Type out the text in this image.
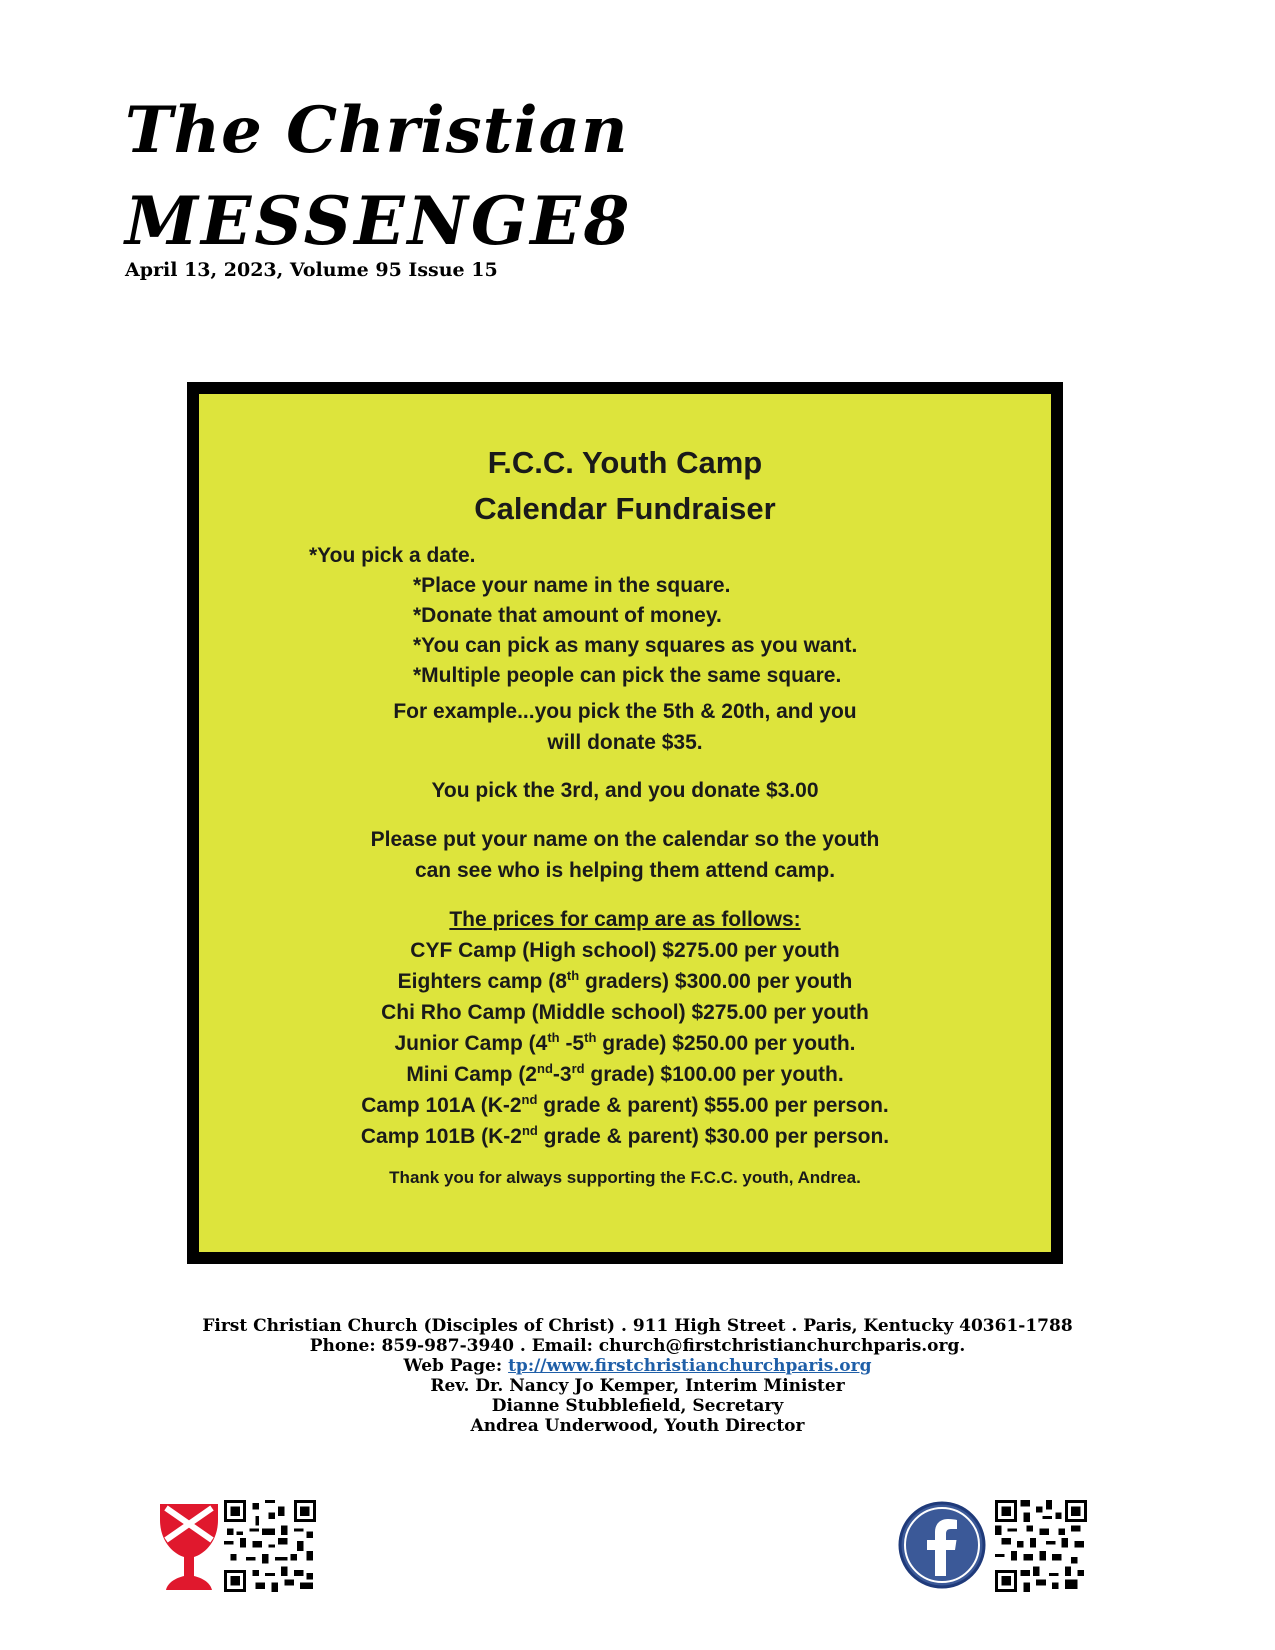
The Christian

MESSENGE8

April 13, 2023, Volume 95 Issue 15

F.C.C. Youth Camp
Calendar Fundraiser
*You pick a date.
*Place your name in the square.
*Donate that amount of money.
*You can pick as many squares as you want.
*Multiple people can pick the same square.
For example...you pick the 5th & 20th, and you
will donate $35.
You pick the 3rd, and you donate $3.00
Please put your name on the calendar so the youth
can see who is helping them attend camp.
The prices for camp are as follows:
CYF Camp (High school) $275.00 per youth
Eighters camp (8th graders) $300.00 per youth
Chi Rho Camp (Middle school) $275.00 per youth
Junior Camp (4th -5th grade) $250.00 per youth.
Mini Camp (2nd-3rd grade) $100.00 per youth.
Camp 101A (K-2nd grade & parent) $55.00 per person.
Camp 101B (K-2nd grade & parent) $30.00 per person.
Thank you for always supporting the F.C.C. youth, Andrea.
First Christian Church (Disciples of Christ) . 911 High Street . Paris, Kentucky 40361-1788
Phone: 859-987-3940 . Email: church@firstchristianchurchparis.org.
Web Page: tp://www.firstchristianchurchparis.org
Rev. Dr. Nancy Jo Kemper, Interim Minister
Dianne Stubblefield, Secretary
Andrea Underwood, Youth Director
